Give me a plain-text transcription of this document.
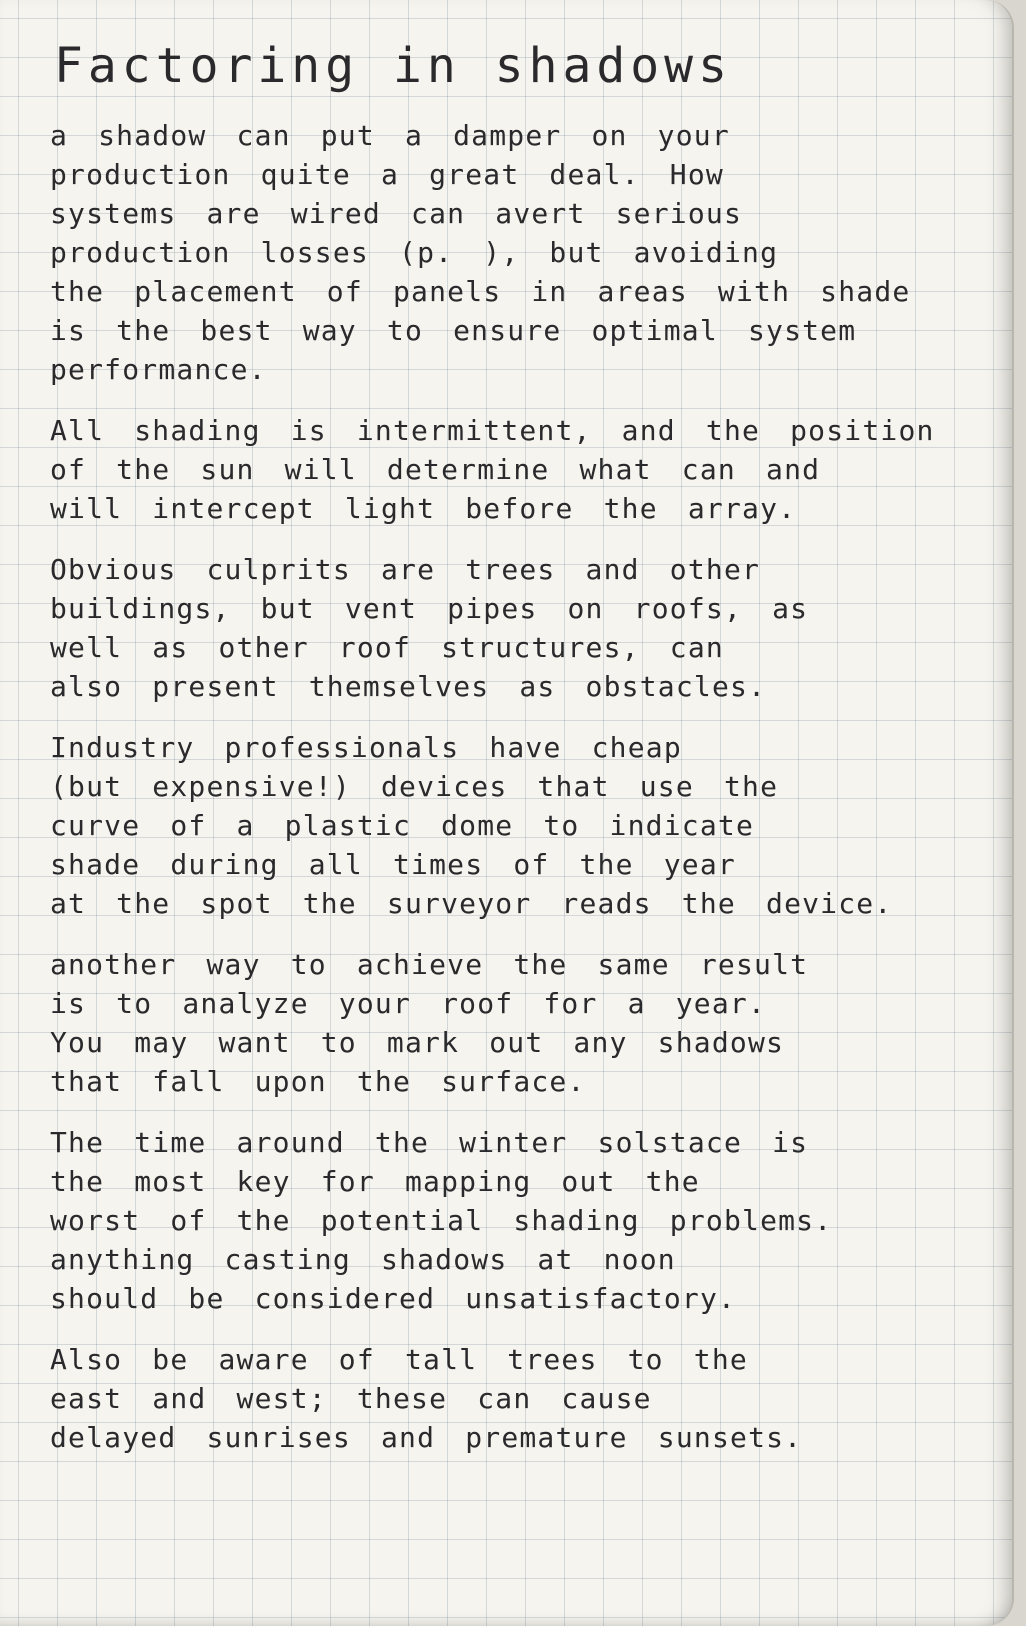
Factoring in shadows
a shadow can put a damper on your
production quite a great deal. How
systems are wired can avert serious
production losses (p. ), but avoiding
the placement of panels in areas with shade
is the best way to ensure optimal system
performance.
All shading is intermittent, and the position
of the sun will determine what can and
will intercept light before the array.
Obvious culprits are trees and other
buildings, but vent pipes on roofs, as
well as other roof structures, can
also present themselves as obstacles.
Industry professionals have cheap
(but expensive!) devices that use the
curve of a plastic dome to indicate
shade during all times of the year
at the spot the surveyor reads the device.
another way to achieve the same result
is to analyze your roof for a year.
You may want to mark out any shadows
that fall upon the surface.
The time around the winter solstace is
the most key for mapping out the
worst of the potential shading problems.
anything casting shadows at noon
should be considered unsatisfactory.
Also be aware of tall trees to the
east and west; these can cause
delayed sunrises and premature sunsets.
